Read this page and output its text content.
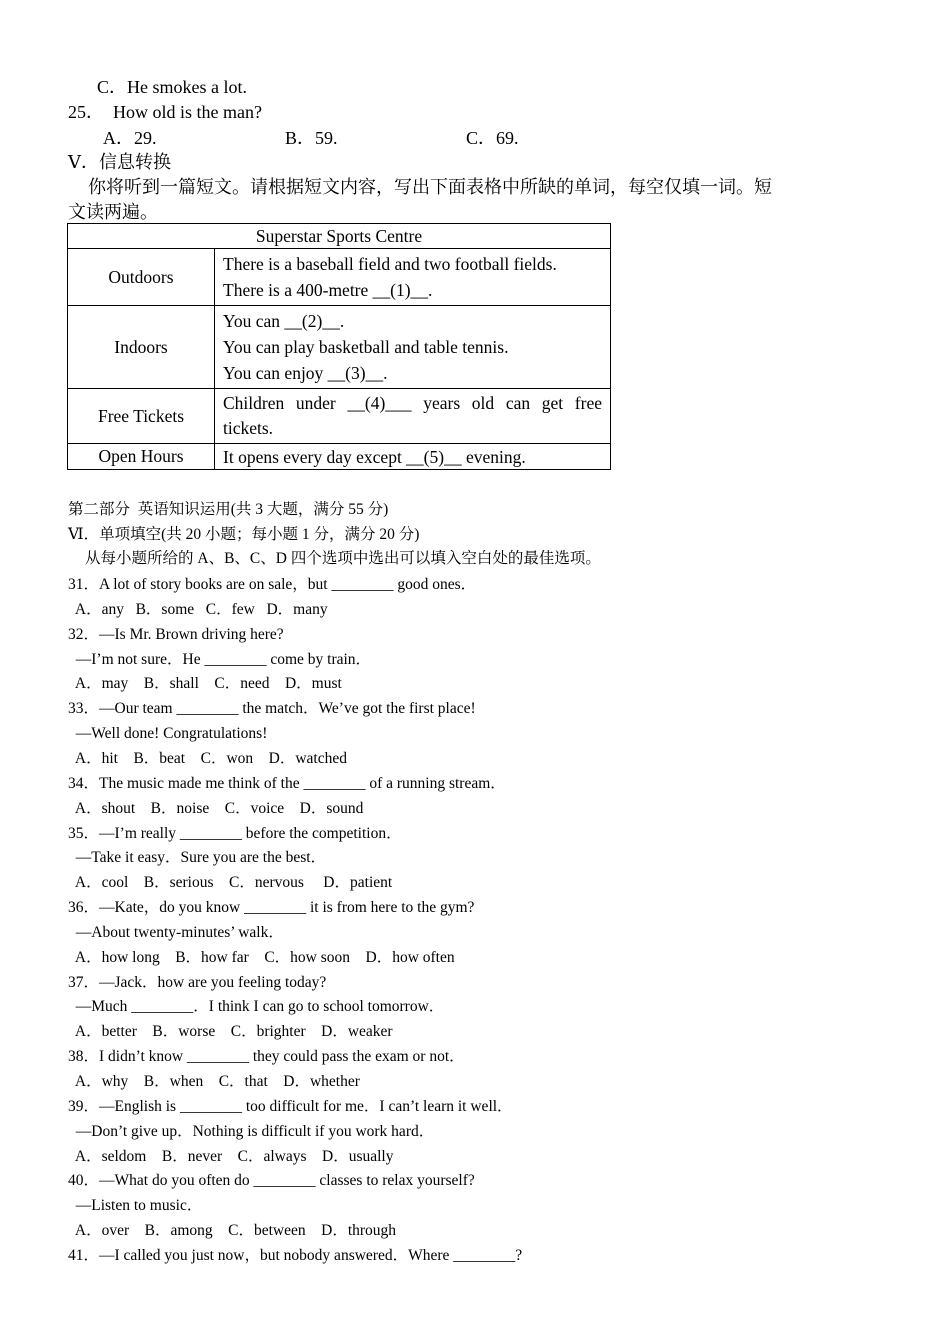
C．He smokes a lot.
25．  How old is the man?
A．29.	B．59.	C．69.
Ⅴ．信息转换
你将听到一篇短文。请根据短文内容，写出下面表格中所缺的单词，每空仅填一词。短
文读两遍。
Superstar Sports Centre	
Outdoors	There is a baseball field and two football fields.
There is a 400-metre __(1)__.

Indoors	You can __(2)__.
You can play basketball and table tennis.
You can enjoy __(3)__.

Free Tickets	Children under __(4)___ years old can get free tickets.

Open Hours	It opens every day except __(5)__ evening.
第二部分  英语知识运用(共 3 大题，满分 55 分)
Ⅵ．单项填空(共 20 小题；每小题 1 分，满分 20 分)
从每小题所给的 A、B、C、D 四个选项中选出可以填入空白处的最佳选项。
31．A lot of story books are on sale，but ________ good ones．
A．any   B．some   C．few   D．many
32．—Is Mr. Brown driving here?
—I’m not sure．He ________ come by train．
A．may    B．shall    C．need    D．must
33．—Our team ________ the match．We’ve got the first place!
—Well done! Congratulations!
A．hit    B．beat    C．won    D．watched
34．The music made me think of the ________ of a running stream．
A．shout    B．noise    C．voice    D．sound
35．—I’m really ________ before the competition．
—Take it easy．Sure you are the best．
A．cool    B．serious    C．nervous     D．patient
36．—Kate，do you know ________ it is from here to the gym?
—About twenty-minutes’ walk．
A．how long    B．how far    C．how soon    D．how often
37．—Jack．how are you feeling today?
—Much ________．I think I can go to school tomorrow．
A．better    B．worse    C．brighter    D．weaker
38．I didn’t know ________ they could pass the exam or not．
A．why    B．when    C．that    D．whether
39．—English is ________ too difficult for me．I can’t learn it well．
—Don’t give up．Nothing is difficult if you work hard．
A．seldom    B．never    C．always    D．usually
40．—What do you often do ________ classes to relax yourself?
—Listen to music．
A．over    B．among    C．between    D．through
41．—I called you just now，but nobody answered．Where ________?
